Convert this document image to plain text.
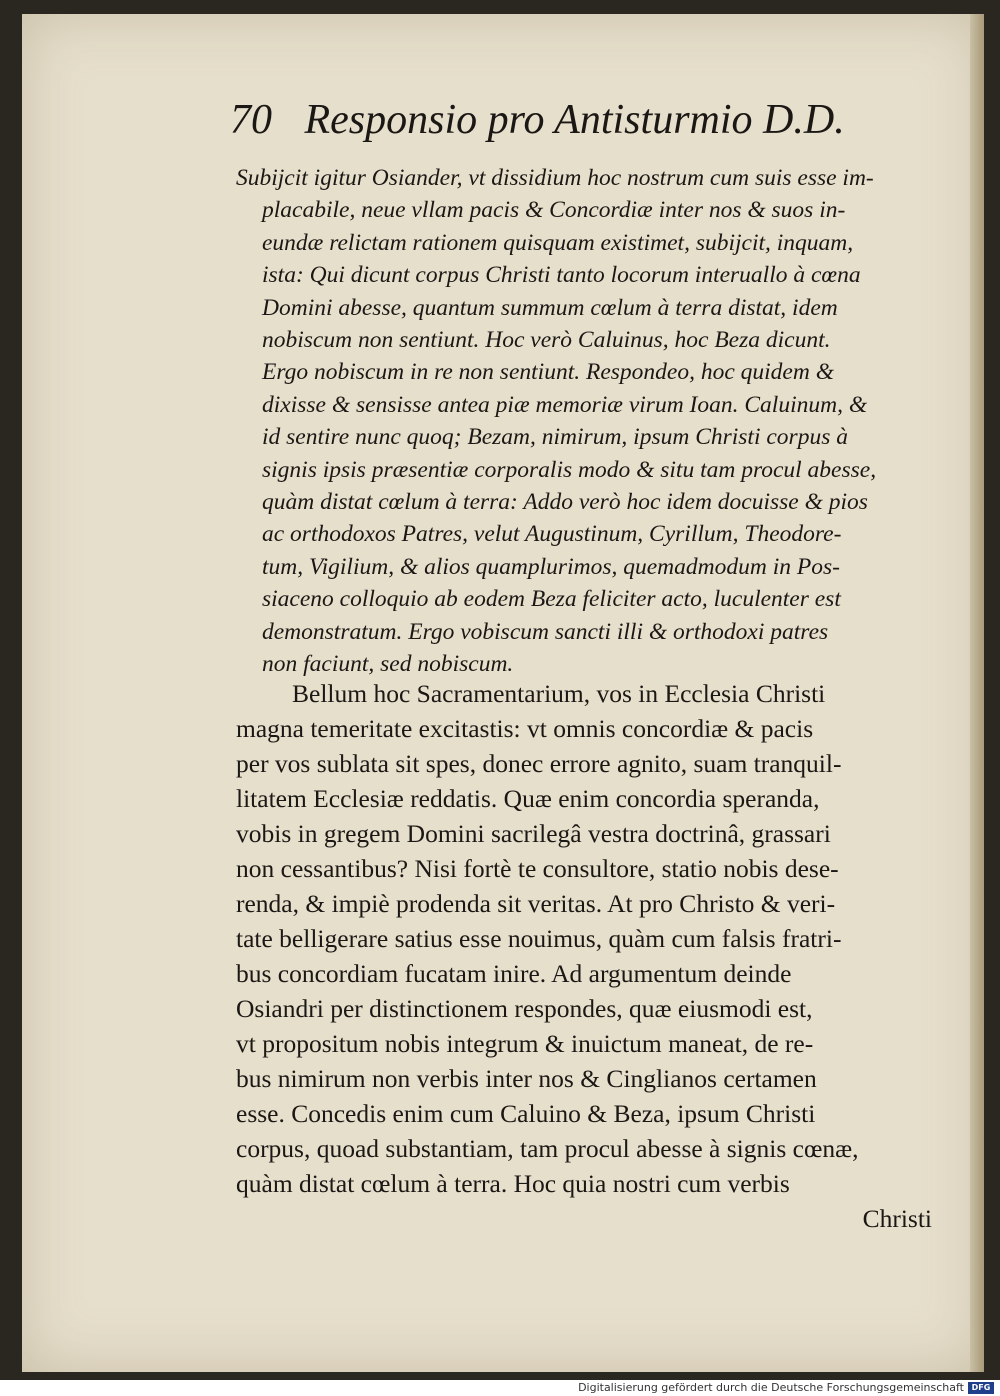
70 Responsio pro Antisturmio D.D.
Subijcit igitur Osiander, vt dissidium hoc nostrum cum suis esse im-
placabile, neue vllam pacis & Concordiæ inter nos & suos in-
eundæ relictam rationem quisquam existimet, subijcit, inquam,
ista: Qui dicunt corpus Christi tanto locorum interuallo à cœna
Domini abesse, quantum summum cœlum à terra distat, idem
nobiscum non sentiunt. Hoc verò Caluinus, hoc Beza dicunt.
Ergo nobiscum in re non sentiunt. Respondeo, hoc quidem &
dixisse & sensisse antea piæ memoriæ virum Ioan. Caluinum, &
id sentire nunc quoq; Bezam, nimirum, ipsum Christi corpus à
signis ipsis præsentiæ corporalis modo & situ tam procul abesse,
quàm distat cœlum à terra: Addo verò hoc idem docuisse & pios
ac orthodoxos Patres, velut Augustinum, Cyrillum, Theodore-
tum, Vigilium, & alios quamplurimos, quemadmodum in Pos-
siaceno colloquio ab eodem Beza feliciter acto, luculenter est
demonstratum. Ergo vobiscum sancti illi & orthodoxi patres
non faciunt, sed nobiscum.
Bellum hoc Sacramentarium, vos in Ecclesia Christi
magna temeritate excitastis: vt omnis concordiæ & pacis
per vos sublata sit spes, donec errore agnito, suam tranquil-
litatem Ecclesiæ reddatis. Quæ enim concordia speranda,
vobis in gregem Domini sacrilegâ vestra doctrinâ, grassari
non cessantibus? Nisi fortè te consultore, statio nobis dese-
renda, & impiè prodenda sit veritas. At pro Christo & veri-
tate belligerare satius esse nouimus, quàm cum falsis fratri-
bus concordiam fucatam inire. Ad argumentum deinde
Osiandri per distinctionem respondes, quæ eiusmodi est,
vt propositum nobis integrum & inuictum maneat, de re-
bus nimirum non verbis inter nos & Cinglianos certamen
esse. Concedis enim cum Caluino & Beza, ipsum Christi
corpus, quoad substantiam, tam procul abesse à signis cœnæ,
quàm distat cœlum à terra. Hoc quia nostri cum verbis
Christi
Digitalisierung gefördert durch die Deutsche Forschungsgemeinschaft DFG
